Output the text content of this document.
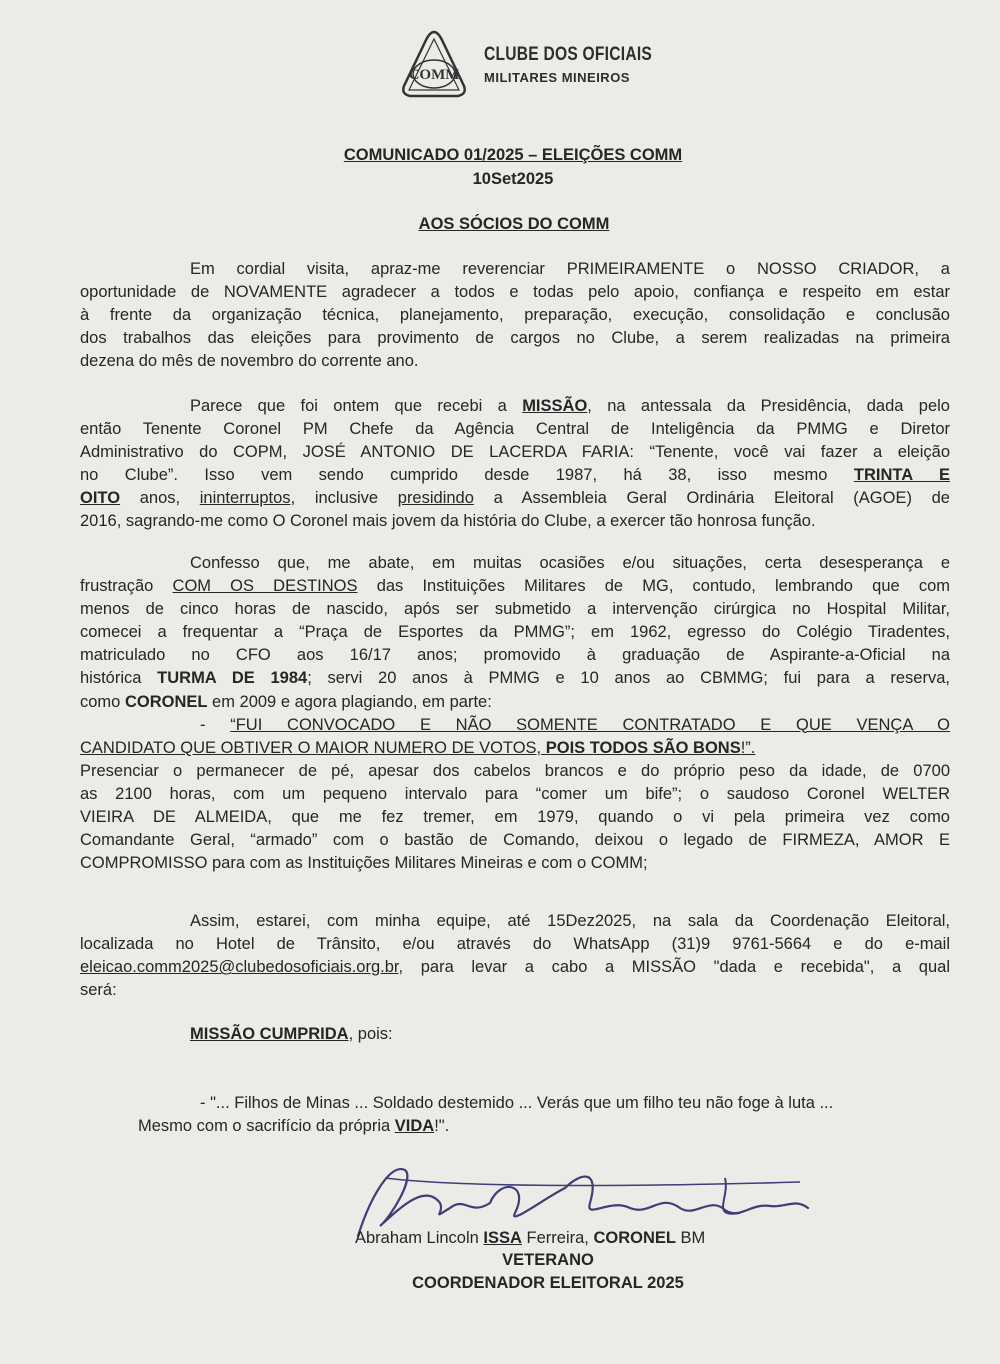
COMM
CLUBE DOS OFICIAIS
MILITARES MINEIROS
COMUNICADO 01/2025 – ELEIÇÕES COMM
10Set2025
AOS SÓCIOS DO COMM
Em cordial visita, apraz-me reverenciar PRIMEIRAMENTE o NOSSO CRIADOR, a
oportunidade de NOVAMENTE agradecer a todos e todas pelo apoio, confiança e respeito em estar
à frente da organização técnica, planejamento, preparação, execução, consolidação e conclusão
dos trabalhos das eleições para provimento de cargos no Clube, a serem realizadas na primeira
dezena do mês de novembro do corrente ano.
Parece que foi ontem que recebi a MISSÃO, na antessala da Presidência, dada pelo
então Tenente Coronel PM Chefe da Agência Central de Inteligência da PMMG e Diretor
Administrativo do COPM, JOSÉ ANTONIO DE LACERDA FARIA: “Tenente, você vai fazer a eleição
no Clube”. Isso vem sendo cumprido desde 1987, há 38, isso mesmo TRINTA E
OITO anos, ininterruptos, inclusive presidindo a Assembleia Geral Ordinária Eleitoral (AGOE) de
2016, sagrando-me como O Coronel mais jovem da história do Clube, a exercer tão honrosa função.
Confesso que, me abate, em muitas ocasiões e/ou situações, certa desesperança e
frustração COM OS DESTINOS das Instituições Militares de MG, contudo, lembrando que com
menos de cinco horas de nascido, após ser submetido a intervenção cirúrgica no Hospital Militar,
comecei a frequentar a “Praça de Esportes da PMMG”; em 1962, egresso do Colégio Tiradentes,
matriculado no CFO aos 16/17 anos; promovido à graduação de Aspirante-a-Oficial na
histórica TURMA DE 1984; servi 20 anos à PMMG e 10 anos ao CBMMG; fui para a reserva,
como CORONEL em 2009 e agora plagiando, em parte:
- “FUI CONVOCADO E NÃO SOMENTE CONTRATADO E QUE VENÇA O
CANDIDATO QUE OBTIVER O MAIOR NUMERO DE VOTOS, POIS TODOS SÃO BONS!”.
Presenciar o permanecer de pé, apesar dos cabelos brancos e do próprio peso da idade, de 0700
as 2100 horas, com um pequeno intervalo para “comer um bife”; o saudoso Coronel WELTER
VIEIRA DE ALMEIDA, que me fez tremer, em 1979, quando o vi pela primeira vez como
Comandante Geral, “armado” com o bastão de Comando, deixou o legado de FIRMEZA, AMOR E
COMPROMISSO para com as Instituições Militares Mineiras e com o COMM;
Assim, estarei, com minha equipe, até 15Dez2025, na sala da Coordenação Eleitoral,
localizada no Hotel de Trânsito, e/ou através do WhatsApp (31)9 9761-5664 e do e-mail
eleicao.comm2025@clubedosoficiais.org.br, para levar a cabo a MISSÃO "dada e recebida", a qual
será:
MISSÃO CUMPRIDA, pois:
- "... Filhos de Minas ... Soldado destemido ... Verás que um filho teu não foge à luta ...
Mesmo com o sacrifício da própria VIDA!".
Abraham Lincoln ISSA Ferreira, CORONEL BM
VETERANO
COORDENADOR ELEITORAL 2025
